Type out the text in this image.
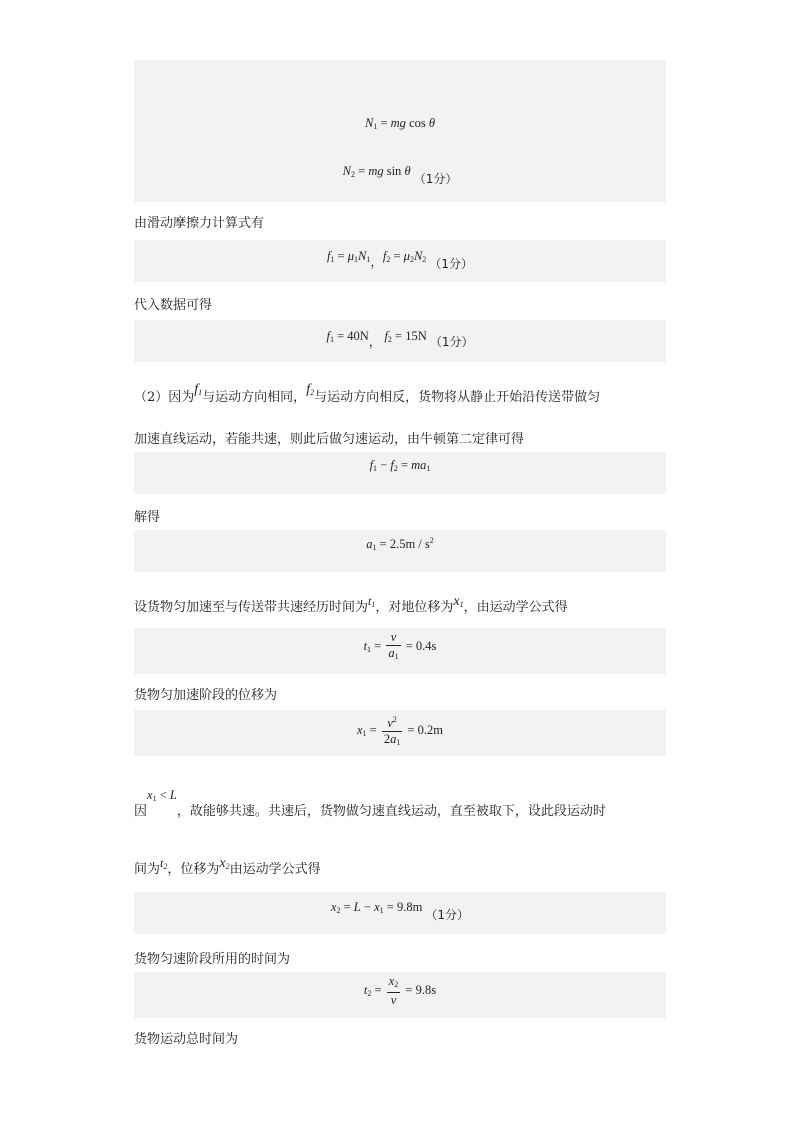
$N_1$ = mg cos θ
$N_2$ = mg sin θ （1分）
由滑动摩擦力计算式有
$f_1 = \mu_1N_1$，$f_2 = \mu_2N_2$ （1分）
代入数据可得
$f_1 = 40N$， $f_2 = 15N$ （1分）
（2）因为$f_1$与运动方向相同，$f_2$与运动方向相反，货物将从静止开始沿传送带做匀
加速直线运动，若能共速，则此后做匀速运动，由牛顿第二定律可得
$f_1 - f_2 = ma_1$
解得
$a_1 = 2.5m / s^2$
设货物匀加速至与传送带共速经历时间为$t_1$，对地位移为$x_1$，由运动学公式得
$t_1 = \frac{v}{a_1} = 0.4s$
货物匀加速阶段的位移为
$x_1 = \frac{v^2}{2a_1} = 0.2m$
因$x_1 < L$，故能够共速。共速后，货物做匀速直线运动，直至被取下，设此段运动时
间为$t_2$，位移为$x_2$由运动学公式得
$x_2 = L - x_1 = 9.8m$ （1分）
货物匀速阶段所用的时间为
$t_2 = \frac{x_2}{v} = 9.8s$
货物运动总时间为
